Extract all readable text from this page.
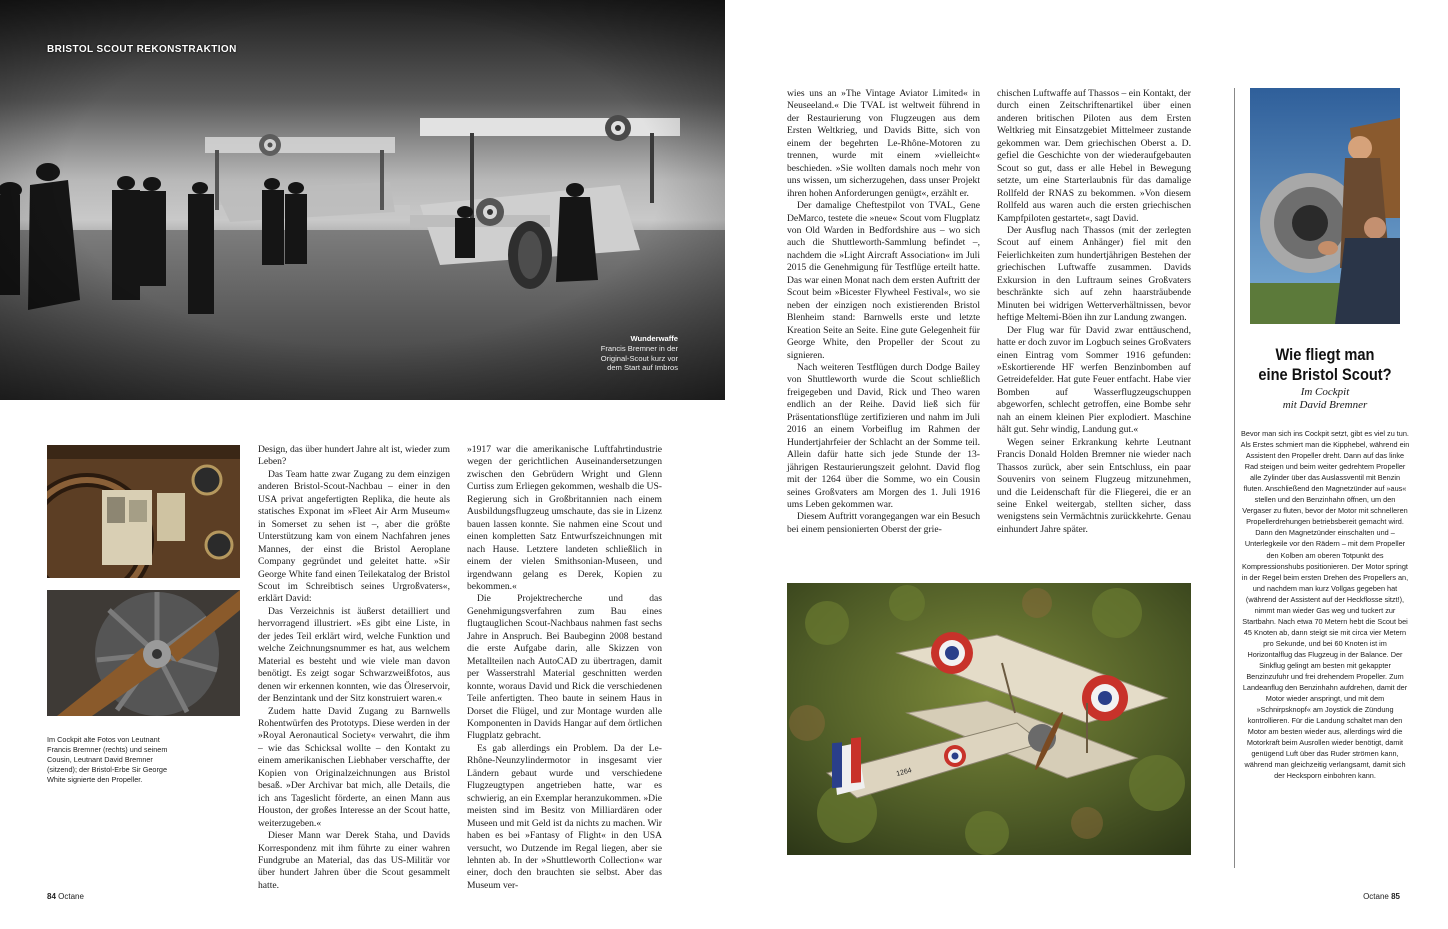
BRISTOL SCOUT REKONSTRAKTION
Wunderwaffe
Francis Bremner in der
Original-Scout kurz vor
dem Start auf Imbros
Im Cockpit alte Fotos von Leutnant Francis Bremner (rechts) und seinem Cousin, Leutnant David Bremner (sitzend); der Bristol-Erbe Sir George White signierte den Propeller.

Design, das über hundert Jahre alt ist, wieder zum Leben?

Das Team hatte zwar Zugang zu dem einzigen anderen Bristol-Scout-Nachbau – einer in den USA privat angefertigten Replika, die heute als statisches Exponat im »Fleet Air Arm Museum« in Somerset zu sehen ist –, aber die größte Unterstützung kam von einem Nachfahren jenes Mannes, der einst die Bristol Aeroplane Company gegründet und geleitet hatte. »Sir George White fand einen Teilekatalog der Bristol Scout im Schreibtisch seines Urgroßvaters«, erklärt David:

Das Verzeichnis ist äußerst detailliert und hervorragend illustriert. »Es gibt eine Liste, in der jedes Teil erklärt wird, welche Funktion und welche Zeichnungsnummer es hat, aus welchem Material es besteht und wie viele man davon benötigt. Es zeigt sogar Schwarzweißfotos, aus denen wir erkennen konnten, wie das Ölreservoir, der Benzintank und der Sitz konstruiert waren.«

Zudem hatte David Zugang zu Barnwells Rohentwürfen des Prototyps. Diese werden in der »Royal Aeronautical Society« verwahrt, die ihm – wie das Schicksal wollte – den Kontakt zu einem amerikanischen Liebhaber verschaffte, der Kopien von Originalzeichnungen aus Bristol besaß. »Der Archivar bat mich, alle Details, die ich ans Tageslicht förderte, an einen Mann aus Houston, der großes Interesse an der Scout hatte, weiterzugeben.«

Dieser Mann war Derek Staha, und Davids Korrespondenz mit ihm führte zu einer wahren Fundgrube an Material, das das US-Militär vor über hundert Jahren über die Scout gesammelt hatte.

»1917 war die amerikanische Luftfahrtindustrie wegen der gerichtlichen Auseinandersetzungen zwischen den Gebrüdern Wright und Glenn Curtiss zum Erliegen gekommen, weshalb die US-Regierung sich in Großbritannien nach einem Ausbildungsflugzeug umschaute, das sie in Lizenz bauen lassen konnte. Sie nahmen eine Scout und einen kompletten Satz Entwurfszeichnungen mit nach Hause. Letztere landeten schließlich in einem der vielen Smithsonian-Museen, und irgendwann gelang es Derek, Kopien zu bekommen.«

Die Projektrecherche und das Genehmigungsverfahren zum Bau eines flugtauglichen Scout-Nachbaus nahmen fast sechs Jahre in Anspruch. Bei Baubeginn 2008 bestand die erste Aufgabe darin, alle Skizzen von Metallteilen nach AutoCAD zu übertragen, damit per Wasserstrahl Material geschnitten werden konnte, woraus David und Rick die verschiedenen Teile anfertigten. Theo baute in seinem Haus in Dorset die Flügel, und zur Montage wurden alle Komponenten in Davids Hangar auf dem örtlichen Flugplatz gebracht.

Es gab allerdings ein Problem. Da der Le-Rhône-Neunzylindermotor in insgesamt vier Ländern gebaut wurde und verschiedene Flugzeugtypen angetrieben hatte, war es schwierig, an ein Exemplar heranzukommen. »Die meisten sind im Besitz von Milliardären oder Museen und mit Geld ist da nichts zu machen. Wir haben es bei »Fantasy of Flight« in den USA versucht, wo Dutzende im Regal liegen, aber sie lehnten ab. In der »Shuttleworth Collection« war einer, doch den brauchten sie selbst. Aber das Museum ver-

wies uns an »The Vintage Aviator Limited« in Neuseeland.« Die TVAL ist weltweit führend in der Restaurierung von Flugzeugen aus dem Ersten Weltkrieg, und Davids Bitte, sich von einem der begehrten Le-Rhône-Motoren zu trennen, wurde mit einem »vielleicht« beschieden. »Sie wollten damals noch mehr von uns wissen, um sicherzugehen, dass unser Projekt ihren hohen Anforderungen genügt«, erzählt er.

Der damalige Cheftestpilot von TVAL, Gene DeMarco, testete die »neue« Scout vom Flugplatz von Old Warden in Bedfordshire aus – wo sich auch die Shuttleworth-Sammlung befindet –, nachdem die »Light Aircraft Association« im Juli 2015 die Genehmigung für Testflüge erteilt hatte. Das war einen Monat nach dem ersten Auftritt der Scout beim »Bicester Flywheel Festival«, wo sie neben der einzigen noch existierenden Bristol Blenheim stand: Barnwells erste und letzte Kreation Seite an Seite. Eine gute Gelegenheit für George White, den Propeller der Scout zu signieren.

Nach weiteren Testflügen durch Dodge Bailey von Shuttleworth wurde die Scout schließlich freigegeben und David, Rick und Theo waren endlich an der Reihe. David ließ sich für Präsentationsflüge zertifizieren und nahm im Juli 2016 an einem Vorbeiflug im Rahmen der Hundertjahrfeier der Schlacht an der Somme teil. Allein dafür hatte sich jede Stunde der 13-jährigen Restaurierungszeit gelohnt. David flog mit der 1264 über die Somme, wo ein Cousin seines Großvaters am Morgen des 1. Juli 1916 ums Leben gekommen war.

Diesem Auftritt vorangegangen war ein Besuch bei einem pensionierten Oberst der grie-

chischen Luftwaffe auf Thassos – ein Kontakt, der durch einen Zeitschriftenartikel über einen anderen britischen Piloten aus dem Ersten Weltkrieg mit Einsatzgebiet Mittelmeer zustande gekommen war. Dem griechischen Oberst a. D. gefiel die Geschichte von der wiederaufgebauten Scout so gut, dass er alle Hebel in Bewegung setzte, um eine Starterlaubnis für das damalige Rollfeld der RNAS zu bekommen. »Von diesem Rollfeld aus waren auch die ersten griechischen Kampfpiloten gestartet«, sagt David.

Der Ausflug nach Thassos (mit der zerlegten Scout auf einem Anhänger) fiel mit den Feierlichkeiten zum hundertjährigen Bestehen der griechischen Luftwaffe zusammen. Davids Exkursion in den Luftraum seines Großvaters beschränkte sich auf zehn haarsträubende Minuten bei widrigen Wetterverhältnissen, bevor heftige Meltemi-Böen ihn zur Landung zwangen.

Der Flug war für David zwar enttäuschend, hatte er doch zuvor im Logbuch seines Großvaters einen Eintrag vom Sommer 1916 gefunden: »Eskortierende HF werfen Benzinbomben auf Getreidefelder. Hat gute Feuer entfacht. Habe vier Bomben auf Wasserflugzeugschuppen abgeworfen, schlecht getroffen, eine Bombe sehr nah an einem kleinen Pier explodiert. Maschine hält gut. Sehr windig, Landung gut.«

Wegen seiner Erkrankung kehrte Leutnant Francis Donald Holden Bremner nie wieder nach Thassos zurück, aber sein Entschluss, ein paar Souvenirs von seinem Flugzeug mitzunehmen, und die Leidenschaft für die Fliegerei, die er an seine Enkel weitergab, stellten sicher, dass wenigstens sein Vermächtnis zurückkehrte. Genau einhundert Jahre später.

1264
Wie fliegt man
eine Bristol Scout?
Im Cockpit
mit David Bremner
Bevor man sich ins Cockpit setzt, gibt es viel zu tun. Als Erstes schmiert man die Kipphebel, während ein Assistent den Propeller dreht. Dann auf das linke Rad steigen und beim weiter gedrehtem Propeller alle Zylinder über das Auslassventil mit Benzin fluten. Anschließend den Magnetzünder auf »aus« stellen und den Benzinhahn öffnen, um den Vergaser zu fluten, bevor der Motor mit schnelleren Propellerdrehungen betriebsbereit gemacht wird. Dann den Magnetzünder einschalten und – Unterlegkeile vor den Rädern – mit dem Propeller den Kolben am oberen Totpunkt des Kompressionshubs positionieren. Der Motor springt in der Regel beim ersten Drehen des Propellers an, und nachdem man kurz Vollgas gegeben hat (während der Assistent auf der Heckflosse sitzt!), nimmt man wieder Gas weg und tuckert zur Startbahn. Nach etwa 70 Metern hebt die Scout bei 45 Knoten ab, dann steigt sie mit circa vier Metern pro Sekunde, und bei 60 Knoten ist im Horizontalflug das Flugzeug in der Balance. Der Sinkflug gelingt am besten mit gekappter Benzinzufuhr und frei drehendem Propeller. Zum Landeanflug den Benzinhahn aufdrehen, damit der Motor wieder anspringt, und mit dem »Schnirpsknopf« am Joystick die Zündung kontrollieren. Für die Landung schaltet man den Motor am besten wieder aus, allerdings wird die Motorkraft beim Ausrollen wieder benötigt, damit genügend Luft über das Ruder strömen kann, während man gleichzeitig verlangsamt, damit sich der Hecksporn einbohren kann.
84 Octane	Octane 85
